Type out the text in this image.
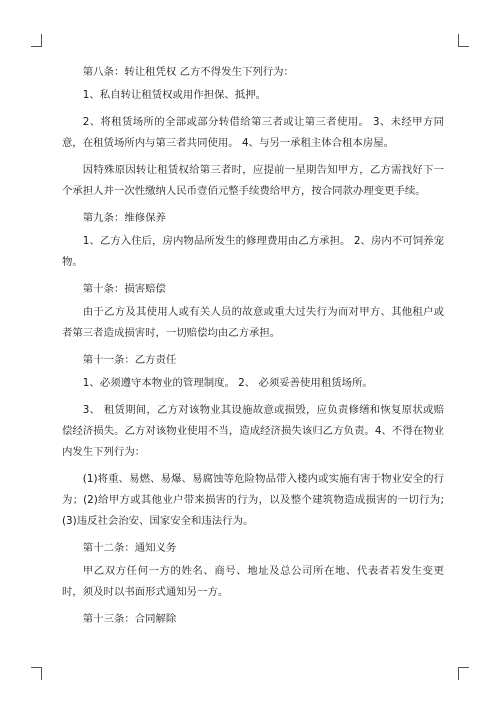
第八条：转让租凭权 乙方不得发生下列行为：

1、私自转让租赁权或用作担保、抵押。

2、将租赁场所的全部或部分转借给第三者或让第三者使用。 3、未经甲方同意，在租赁场所内与第三者共同使用。 4、与另一承租主体合租本房屋。

因特殊原因转让租赁权给第三者时，应提前一星期告知甲方，乙方需找好下一个承担人并一次性缴纳人民币壹佰元整手续费给甲方，按合同款办理变更手续。

第九条：维修保养

1、乙方入住后，房内物品所发生的修理费用由乙方承担。 2、房内不可饲养宠物。

第十条：损害赔偿

由于乙方及其使用人或有关人员的故意或重大过失行为而对甲方、其他租户或者第三者造成损害时，一切赔偿均由乙方承担。

第十一条：乙方责任

1、必须遵守本物业的管理制度。 2、 必须妥善使用租赁场所。

3、 租赁期间，乙方对该物业其设施故意或损毁，应负责修缮和恢复原状或赔偿经济损失。乙方对该物业使用不当，造成经济损失该归乙方负责。4、不得在物业内发生下列行为：

(1)将重、易燃、易爆、易腐蚀等危险物品带入楼内或实施有害于物业安全的行为；(2)给甲方或其他业户带来损害的行为，以及整个建筑物造成损害的一切行为;(3)违反社会治安、国家安全和违法行为。

第十二条：通知义务

甲乙双方任何一方的姓名、商号、地址及总公司所在地、代表者若发生变更时，须及时以书面形式通知另一方。

第十三条：合同解除
